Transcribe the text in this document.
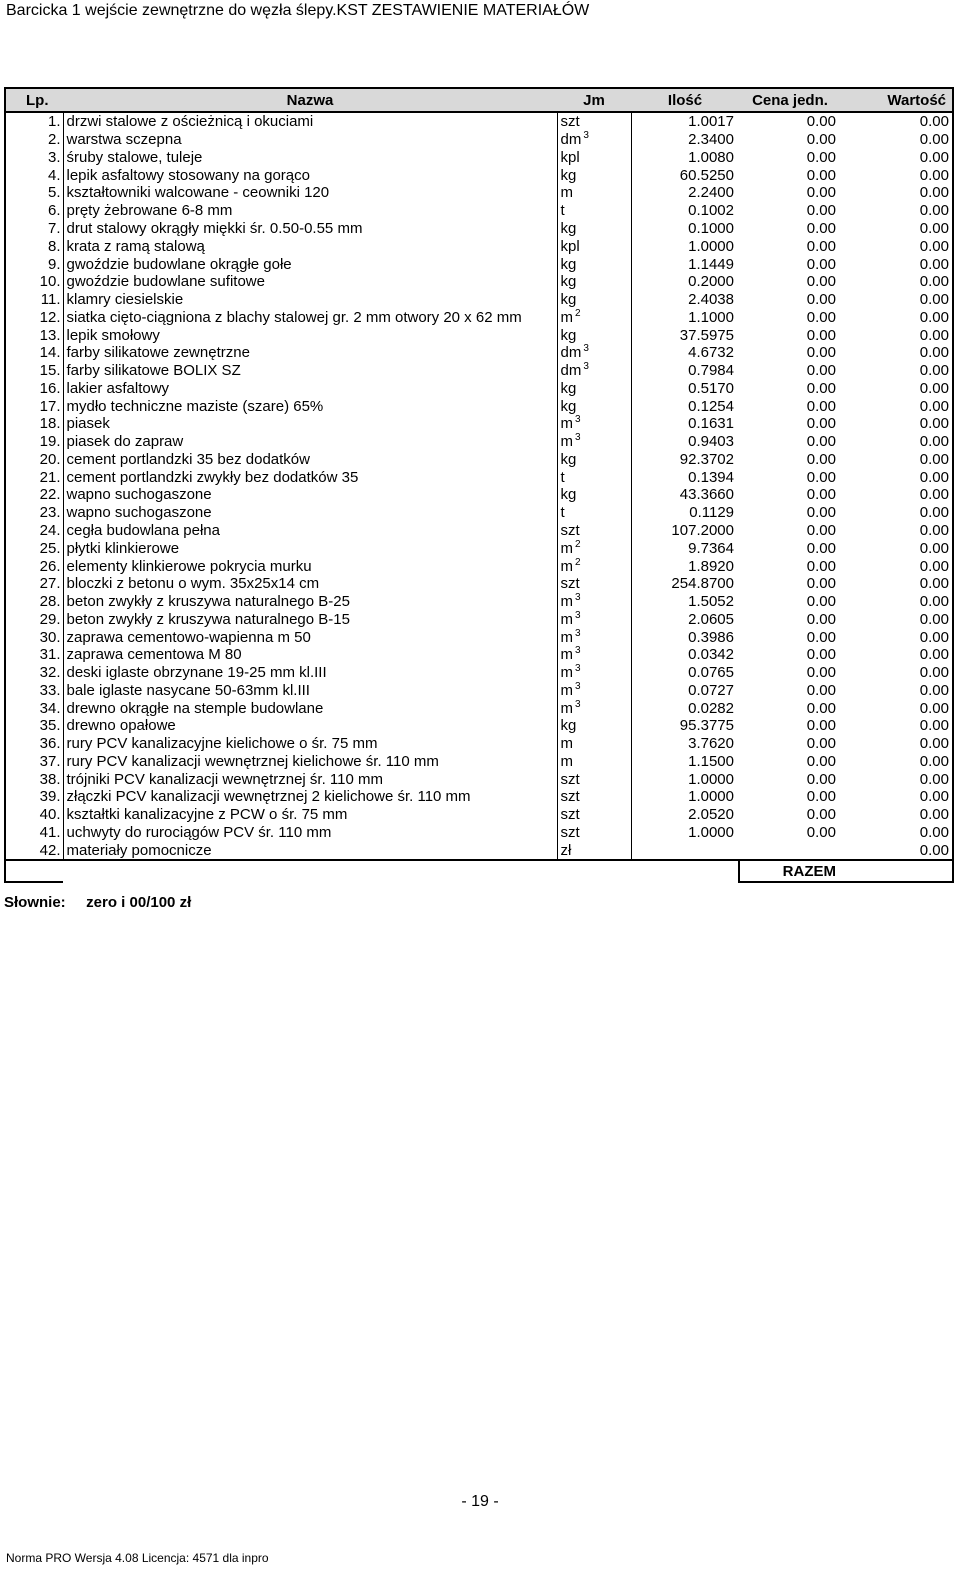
Barcicka 1 wejście zewnętrzne do węzła ślepy.KST ZESTAWIENIE MATERIAŁÓW
Lp.	Nazwa	Jm	Ilość	Cena jedn.	Wartość
1.	drzwi stalowe z ościeżnicą i okuciami	szt	1.0017	0.00	0.00
2.	warstwa sczepna	dm $^3$	2.3400	0.00	0.00
3.	śruby stalowe, tuleje	kpl	1.0080	0.00	0.00
4.	lepik asfaltowy stosowany na gorąco	kg	60.5250	0.00	0.00
5.	kształtowniki walcowane - ceowniki 120	m	2.2400	0.00	0.00
6.	pręty żebrowane 6-8 mm	t	0.1002	0.00	0.00
7.	drut stalowy okrągły miękki śr. 0.50-0.55 mm	kg	0.1000	0.00	0.00
8.	krata z ramą stalową	kpl	1.0000	0.00	0.00
9.	gwoździe budowlane okrągłe gołe	kg	1.1449	0.00	0.00
10.	gwoździe budowlane sufitowe	kg	0.2000	0.00	0.00
11.	klamry ciesielskie	kg	2.4038	0.00	0.00
12.	siatka cięto-ciągniona z blachy stalowej gr. 2 mm otwory 20 x 62 mm	m $^2$	1.1000	0.00	0.00
13.	lepik smołowy	kg	37.5975	0.00	0.00
14.	farby silikatowe zewnętrzne	dm $^3$	4.6732	0.00	0.00
15.	farby silikatowe BOLIX SZ	dm $^3$	0.7984	0.00	0.00
16.	lakier asfaltowy	kg	0.5170	0.00	0.00
17.	mydło techniczne maziste (szare) 65%	kg	0.1254	0.00	0.00
18.	piasek	m $^3$	0.1631	0.00	0.00
19.	piasek do zapraw	m $^3$	0.9403	0.00	0.00
20.	cement portlandzki 35 bez dodatków	kg	92.3702	0.00	0.00
21.	cement portlandzki zwykły bez dodatków 35	t	0.1394	0.00	0.00
22.	wapno suchogaszone	kg	43.3660	0.00	0.00
23.	wapno suchogaszone	t	0.1129	0.00	0.00
24.	cegła budowlana pełna	szt	107.2000	0.00	0.00
25.	płytki klinkierowe	m $^2$	9.7364	0.00	0.00
26.	elementy klinkierowe pokrycia murku	m $^2$	1.8920	0.00	0.00
27.	bloczki z betonu o wym. 35x25x14 cm	szt	254.8700	0.00	0.00
28.	beton zwykły z kruszywa naturalnego B-25	m $^3$	1.5052	0.00	0.00
29.	beton zwykły z kruszywa naturalnego B-15	m $^3$	2.0605	0.00	0.00
30.	zaprawa cementowo-wapienna m 50	m $^3$	0.3986	0.00	0.00
31.	zaprawa cementowa M 80	m $^3$	0.0342	0.00	0.00
32.	deski iglaste obrzynane 19-25 mm kl.III	m $^3$	0.0765	0.00	0.00
33.	bale iglaste nasycane 50-63mm kl.III	m $^3$	0.0727	0.00	0.00
34.	drewno okrągłe na stemple budowlane	m $^3$	0.0282	0.00	0.00
35.	drewno opałowe	kg	95.3775	0.00	0.00
36.	rury PCV kanalizacyjne kielichowe o śr. 75 mm	m	3.7620	0.00	0.00
37.	rury PCV kanalizacji wewnętrznej kielichowe śr. 110 mm	m	1.1500	0.00	0.00
38.	trójniki PCV kanalizacji wewnętrznej śr. 110 mm	szt	1.0000	0.00	0.00
39.	złączki PCV kanalizacji wewnętrznej 2 kielichowe śr. 110 mm	szt	1.0000	0.00	0.00
40.	kształtki kanalizacyjne z PCW o śr. 75 mm	szt	2.0520	0.00	0.00
41.	uchwyty do rurociągów PCV śr. 110 mm	szt	1.0000	0.00	0.00
42.	materiały pomocnicze	zł			0.00
				RAZEM	
Słownie: zero i 00/100 zł
- 19 -
Norma PRO Wersja 4.08 Licencja: 4571 dla inpro
